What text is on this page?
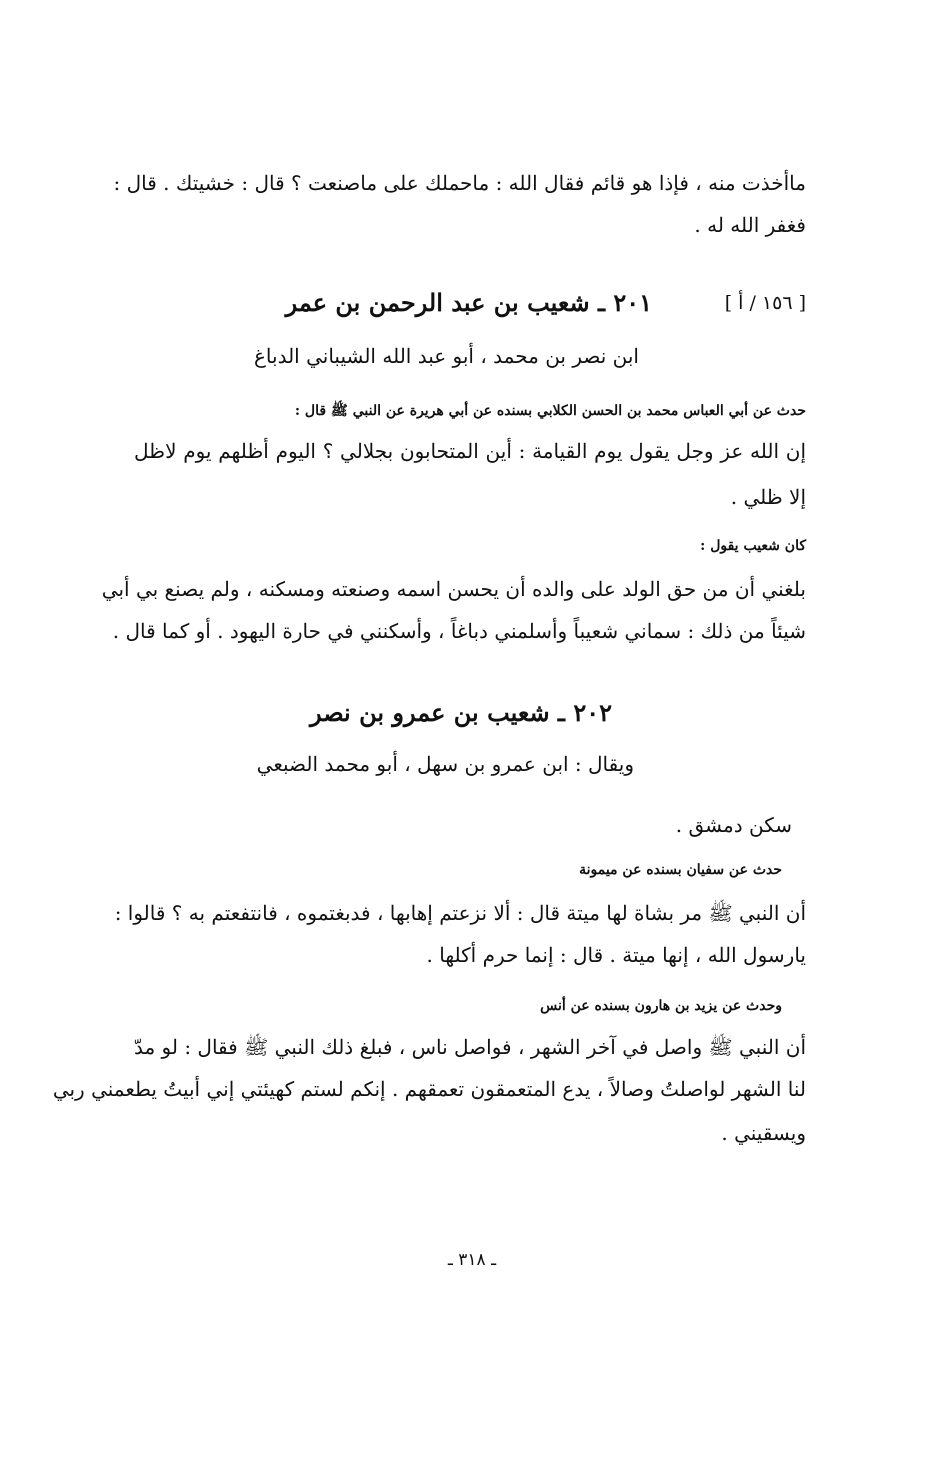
ماأخذت منه ، فإذا هو قائم فقال الله : ماحملك على ماصنعت ؟ قال : خشيتك . قال :
فغفر الله له .
[ ١٥٦ / أ ]
٢٠١ ـ شعيب بن عبد الرحمن بن عمر
ابن نصر بن محمد ، أبو عبد الله الشيباني الدباغ
حدث عن أبي العباس محمد بن الحسن الكلابي بسنده عن أبي هريرة عن النبي ﷺ قال :
إن الله عز وجل يقول يوم القيامة : أين المتحابون بجلالي ؟ اليوم أظلهم يوم لاظل
إلا ظلي .
كان شعيب يقول :
بلغني أن من حق الولد على والده أن يحسن اسمه وصنعته ومسكنه ، ولم يصنع بي أبي
شيئاً من ذلك : سماني شعيباً وأسلمني دباغاً ، وأسكنني في حارة اليهود . أو كما قال .
٢٠٢ ـ شعيب بن عمرو بن نصر
ويقال : ابن عمرو بن سهل ، أبو محمد الضبعي
سكن دمشق .
حدث عن سفيان بسنده عن ميمونة
أن النبي ﷺ مر بشاة لها ميتة قال : ألا نزعتم إهابها ، فدبغتموه ، فانتفعتم به ؟ قالوا :
يارسول الله ، إنها ميتة . قال : إنما حرم أكلها .
وحدث عن يزيد بن هارون بسنده عن أنس
أن النبي ﷺ واصل في آخر الشهر ، فواصل ناس ، فبلغ ذلك النبي ﷺ فقال : لو مدّ
لنا الشهر لواصلتُ وصالاً ، يدع المتعمقون تعمقهم . إنكم لستم كهيئتي إني أبيتُ يطعمني ربي
ويسقيني .
ـ ٣١٨ ـ
